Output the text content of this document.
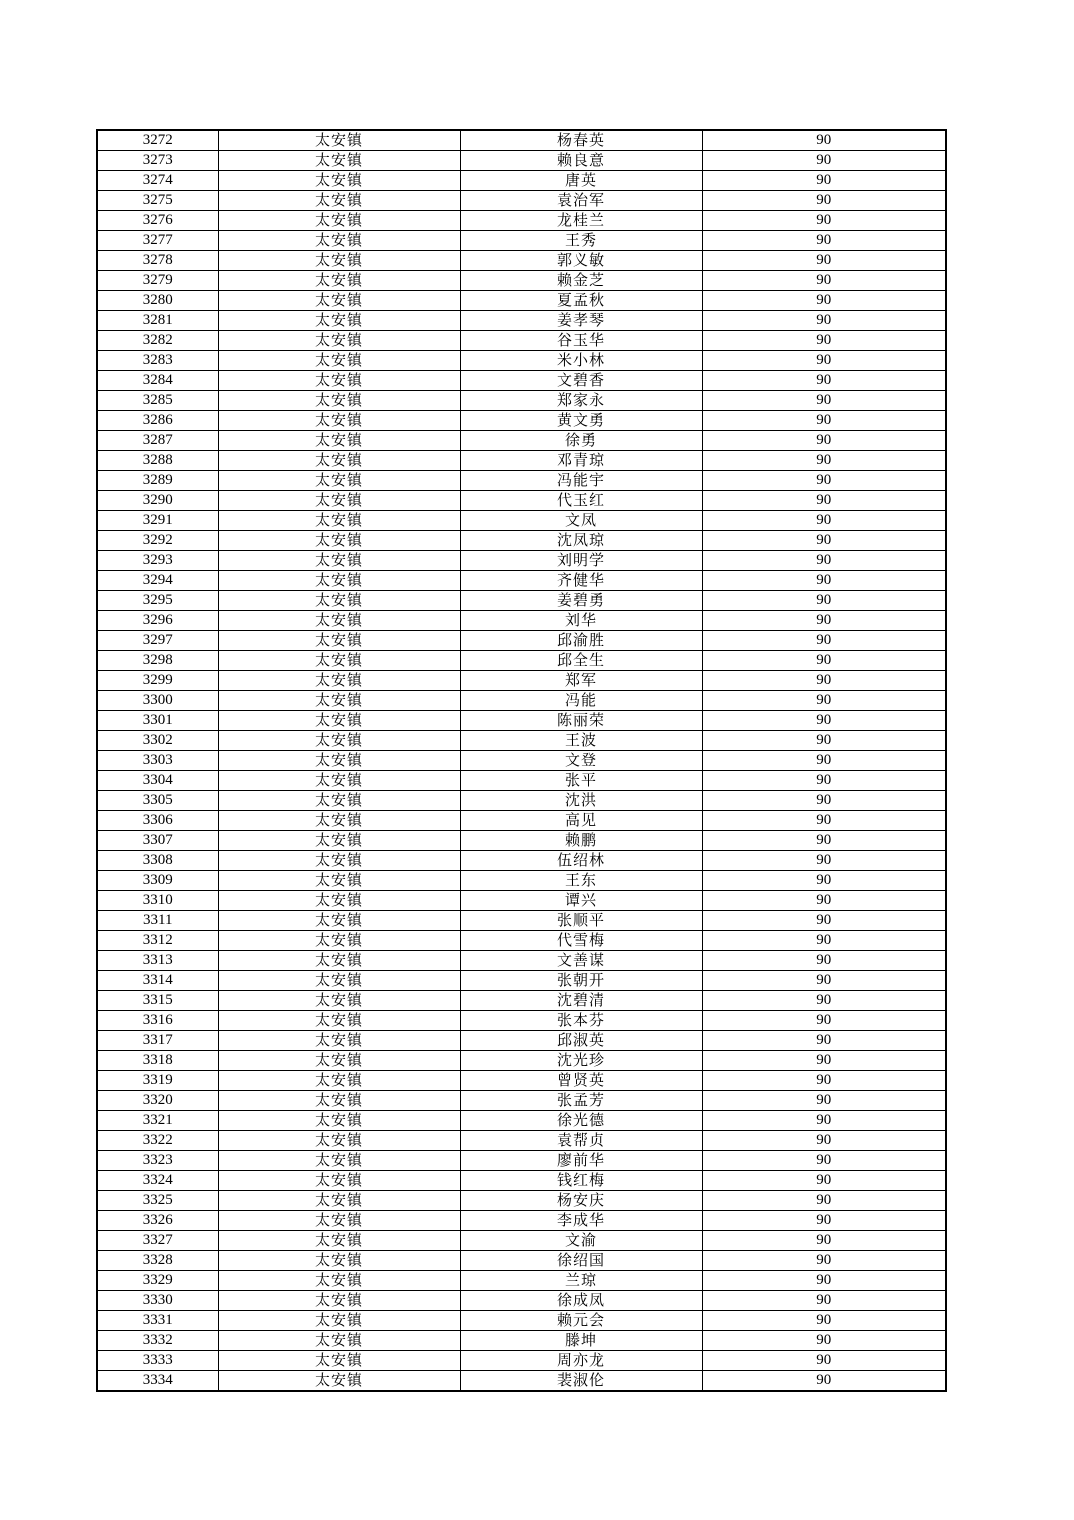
3272	太安镇	杨春英	90
3273	太安镇	赖良意	90
3274	太安镇	唐英	90
3275	太安镇	袁治军	90
3276	太安镇	龙桂兰	90
3277	太安镇	王秀	90
3278	太安镇	郭义敏	90
3279	太安镇	赖金芝	90
3280	太安镇	夏孟秋	90
3281	太安镇	姜孝琴	90
3282	太安镇	谷玉华	90
3283	太安镇	米小林	90
3284	太安镇	文碧香	90
3285	太安镇	郑家永	90
3286	太安镇	黄文勇	90
3287	太安镇	徐勇	90
3288	太安镇	邓青琼	90
3289	太安镇	冯能宇	90
3290	太安镇	代玉红	90
3291	太安镇	文凤	90
3292	太安镇	沈凤琼	90
3293	太安镇	刘明学	90
3294	太安镇	齐健华	90
3295	太安镇	姜碧勇	90
3296	太安镇	刘华	90
3297	太安镇	邱渝胜	90
3298	太安镇	邱全生	90
3299	太安镇	郑军	90
3300	太安镇	冯能	90
3301	太安镇	陈丽荣	90
3302	太安镇	王波	90
3303	太安镇	文登	90
3304	太安镇	张平	90
3305	太安镇	沈洪	90
3306	太安镇	高见	90
3307	太安镇	赖鹏	90
3308	太安镇	伍绍林	90
3309	太安镇	王东	90
3310	太安镇	谭兴	90
3311	太安镇	张顺平	90
3312	太安镇	代雪梅	90
3313	太安镇	文善谋	90
3314	太安镇	张朝开	90
3315	太安镇	沈碧清	90
3316	太安镇	张本芬	90
3317	太安镇	邱淑英	90
3318	太安镇	沈光珍	90
3319	太安镇	曾贤英	90
3320	太安镇	张孟芳	90
3321	太安镇	徐光德	90
3322	太安镇	袁帮贞	90
3323	太安镇	廖前华	90
3324	太安镇	钱红梅	90
3325	太安镇	杨安庆	90
3326	太安镇	李成华	90
3327	太安镇	文渝	90
3328	太安镇	徐绍国	90
3329	太安镇	兰琼	90
3330	太安镇	徐成凤	90
3331	太安镇	赖元会	90
3332	太安镇	滕坤	90
3333	太安镇	周亦龙	90
3334	太安镇	裴淑伦	90
